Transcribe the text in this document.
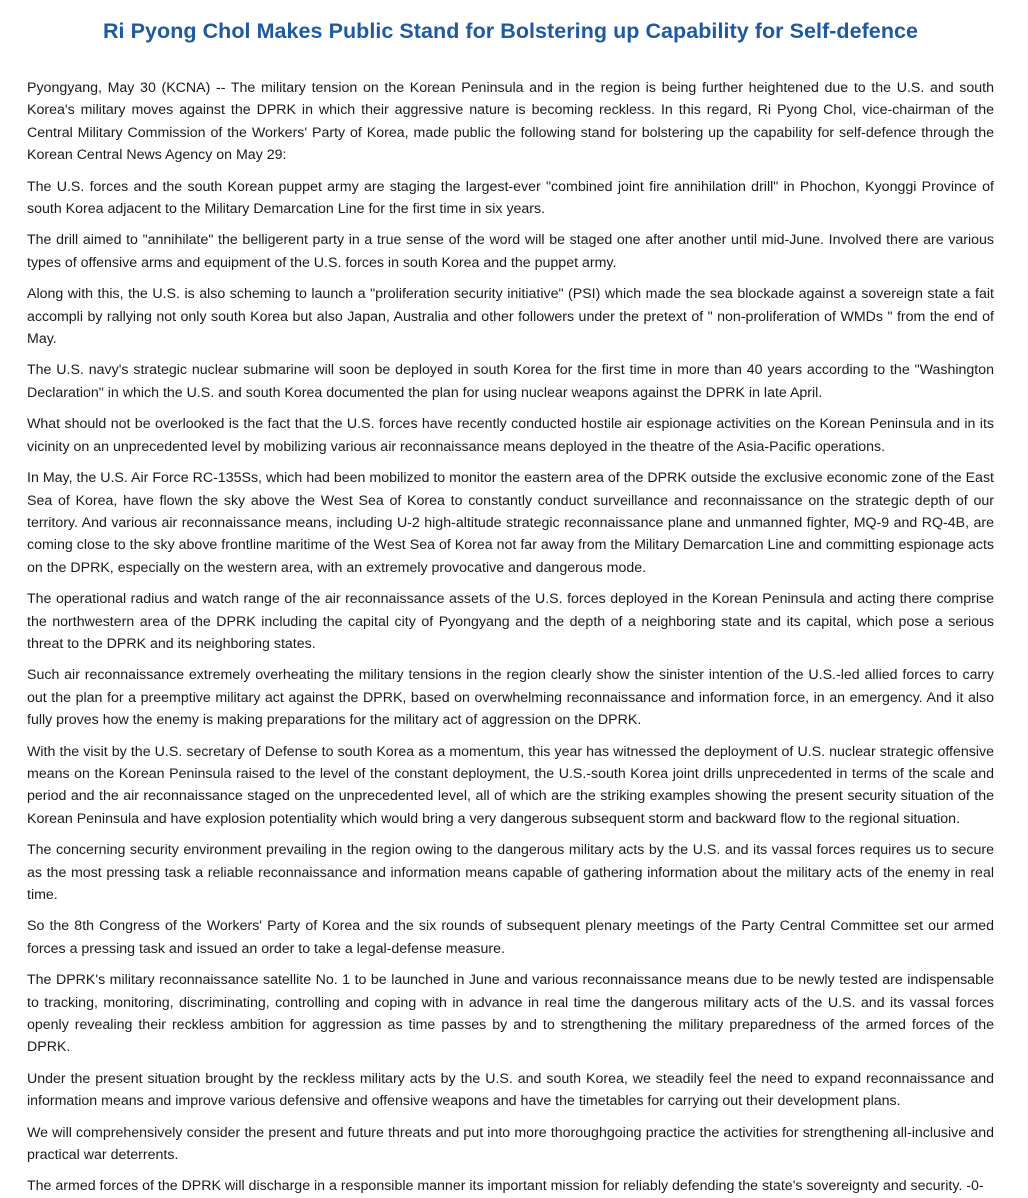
Ri Pyong Chol Makes Public Stand for Bolstering up Capability for Self-defence

Pyongyang, May 30 (KCNA) -- The military tension on the Korean Peninsula and in the region is being further heightened due to the U.S. and south Korea's military moves against the DPRK in which their aggressive nature is becoming reckless. In this regard, Ri Pyong Chol, vice-chairman of the Central Military Commission of the Workers' Party of Korea, made public the following stand for bolstering up the capability for self-defence through the Korean Central News Agency on May 29:

The U.S. forces and the south Korean puppet army are staging the largest-ever "combined joint fire annihilation drill" in Phochon, Kyonggi Province of south Korea adjacent to the Military Demarcation Line for the first time in six years.

The drill aimed to "annihilate" the belligerent party in a true sense of the word will be staged one after another until mid-June. Involved there are various types of offensive arms and equipment of the U.S. forces in south Korea and the puppet army.

Along with this, the U.S. is also scheming to launch a "proliferation security initiative" (PSI) which made the sea blockade against a sovereign state a fait accompli by rallying not only south Korea but also Japan, Australia and other followers under the pretext of " non-proliferation of WMDs " from the end of May.

The U.S. navy's strategic nuclear submarine will soon be deployed in south Korea for the first time in more than 40 years according to the "Washington Declaration" in which the U.S. and south Korea documented the plan for using nuclear weapons against the DPRK in late April.

What should not be overlooked is the fact that the U.S. forces have recently conducted hostile air espionage activities on the Korean Peninsula and in its vicinity on an unprecedented level by mobilizing various air reconnaissance means deployed in the theatre of the Asia-Pacific operations.

In May, the U.S. Air Force RC-135Ss, which had been mobilized to monitor the eastern area of the DPRK outside the exclusive economic zone of the East Sea of Korea, have flown the sky above the West Sea of Korea to constantly conduct surveillance and reconnaissance on the strategic depth of our territory. And various air reconnaissance means, including U-2 high-altitude strategic reconnaissance plane and unmanned fighter, MQ-9 and RQ-4B, are coming close to the sky above frontline maritime of the West Sea of Korea not far away from the Military Demarcation Line and committing espionage acts on the DPRK, especially on the western area, with an extremely provocative and dangerous mode.

The operational radius and watch range of the air reconnaissance assets of the U.S. forces deployed in the Korean Peninsula and acting there comprise the northwestern area of the DPRK including the capital city of Pyongyang and the depth of a neighboring state and its capital, which pose a serious threat to the DPRK and its neighboring states.

Such air reconnaissance extremely overheating the military tensions in the region clearly show the sinister intention of the U.S.-led allied forces to carry out the plan for a preemptive military act against the DPRK, based on overwhelming reconnaissance and information force, in an emergency. And it also fully proves how the enemy is making preparations for the military act of aggression on the DPRK.

With the visit by the U.S. secretary of Defense to south Korea as a momentum, this year has witnessed the deployment of U.S. nuclear strategic offensive means on the Korean Peninsula raised to the level of the constant deployment, the U.S.-south Korea joint drills unprecedented in terms of the scale and period and the air reconnaissance staged on the unprecedented level, all of which are the striking examples showing the present security situation of the Korean Peninsula and have explosion potentiality which would bring a very dangerous subsequent storm and backward flow to the regional situation.

The concerning security environment prevailing in the region owing to the dangerous military acts by the U.S. and its vassal forces requires us to secure as the most pressing task a reliable reconnaissance and information means capable of gathering information about the military acts of the enemy in real time.

So the 8th Congress of the Workers' Party of Korea and the six rounds of subsequent plenary meetings of the Party Central Committee set our armed forces a pressing task and issued an order to take a legal-defense measure.

The DPRK's military reconnaissance satellite No. 1 to be launched in June and various reconnaissance means due to be newly tested are indispensable to tracking, monitoring, discriminating, controlling and coping with in advance in real time the dangerous military acts of the U.S. and its vassal forces openly revealing their reckless ambition for aggression as time passes by and to strengthening the military preparedness of the armed forces of the DPRK.

Under the present situation brought by the reckless military acts by the U.S. and south Korea, we steadily feel the need to expand reconnaissance and information means and improve various defensive and offensive weapons and have the timetables for carrying out their development plans.

We will comprehensively consider the present and future threats and put into more thoroughgoing practice the activities for strengthening all-inclusive and practical war deterrents.

The armed forces of the DPRK will discharge in a responsible manner its important mission for reliably defending the state's sovereignty and security. -0-
